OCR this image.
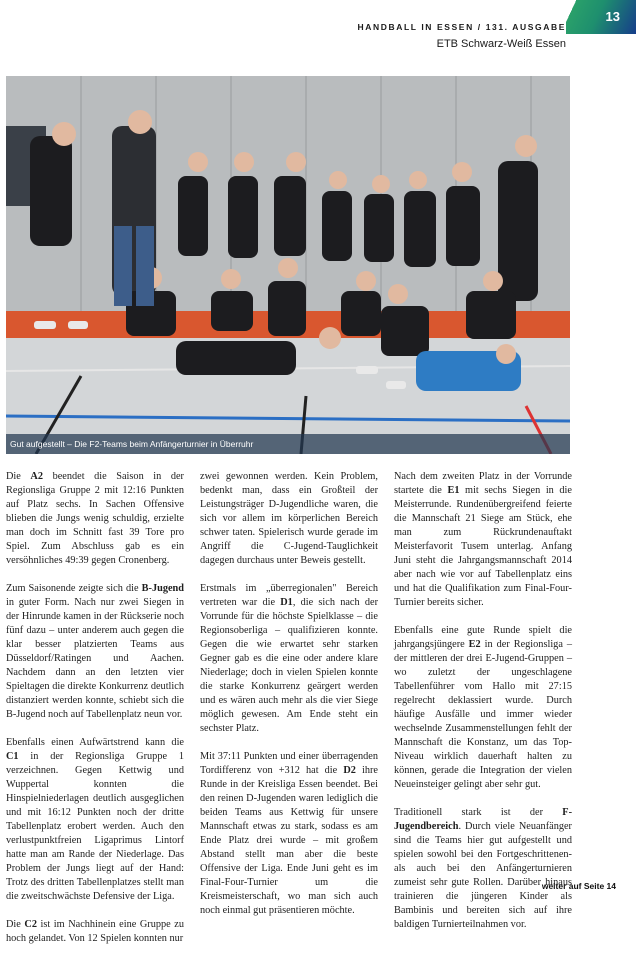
HANDBALL IN ESSEN / 131. AUSGABE
ETB Schwarz-Weiß Essen
13
Gut aufgestellt – Die F2-Teams beim Anfängerturnier in Überruhr

Die A2 beendet die Saison in der Regionsliga Gruppe 2 mit 12:16 Punkten auf Platz sechs. In Sachen Offensive blieben die Jungs wenig schuldig, erzielte man doch im Schnitt fast 39 Tore pro Spiel. Zum Abschluss gab es ein versöhnliches 49:39 gegen Cronenberg.

Zum Saisonende zeigte sich die B-Jugend in guter Form. Nach nur zwei Siegen in der Hinrunde kamen in der Rückserie noch fünf dazu – unter anderem auch gegen die klar besser platzierten Teams aus Düsseldorf/Ratingen und Aachen. Nachdem dann an den letzten vier Spieltagen die direkte Konkurrenz deutlich distanziert werden konnte, schiebt sich die B-Jugend noch auf Tabellenplatz neun vor.

Ebenfalls einen Aufwärtstrend kann die C1 in der Regionsliga Gruppe 1 verzeichnen. Gegen Kettwig und Wuppertal konnten die Hinspielniederlagen deutlich ausgeglichen und mit 16:12 Punkten noch der dritte Tabellenplatz erobert werden. Auch den verlustpunktfreien Ligaprimus Lintorf hatte man am Rande der Niederlage. Das Problem der Jungs liegt auf der Hand: Trotz des dritten Tabellenplatzes stellt man die zweitschwächste Defensive der Liga.

Die C2 ist im Nachhinein eine Gruppe zu hoch gelandet. Von 12 Spielen konnten nur

zwei gewonnen werden. Kein Problem, bedenkt man, dass ein Großteil der Leistungsträger D-Jugendliche waren, die sich vor allem im körperlichen Bereich schwer taten. Spielerisch wurde gerade im Angriff die C-Jugend-Tauglichkeit dagegen durchaus unter Beweis gestellt.

Erstmals im „überregionalen" Bereich vertreten war die D1, die sich nach der Vorrunde für die höchste Spielklasse – die Regionsoberliga – qualifizieren konnte. Gegen die wie erwartet sehr starken Gegner gab es die eine oder andere klare Niederlage; doch in vielen Spielen konnte die starke Konkurrenz geärgert werden und es wären auch mehr als die vier Siege möglich gewesen. Am Ende steht ein sechster Platz.

Mit 37:11 Punkten und einer überragenden Tordifferenz von +312 hat die D2 ihre Runde in der Kreisliga Essen beendet. Bei den reinen D-Jugenden waren lediglich die beiden Teams aus Kettwig für unsere Mannschaft etwas zu stark, sodass es am Ende Platz drei wurde – mit großem Abstand stellt man aber die beste Offensive der Liga. Ende Juni geht es im Final-Four-Turnier um die Kreismeisterschaft, wo man sich auch noch einmal gut präsentieren möchte.

Nach dem zweiten Platz in der Vorrunde startete die E1 mit sechs Siegen in die Meisterrunde. Rundenübergreifend feierte die Mannschaft 21 Siege am Stück, ehe man zum Rückrundenauftakt Meisterfavorit Tusem unterlag. Anfang Juni steht die Jahrgangsmannschaft 2014 aber nach wie vor auf Tabellenplatz eins und hat die Qualifikation zum Final-Four-Turnier bereits sicher.

Ebenfalls eine gute Runde spielt die jahrgangsjüngere E2 in der Regionsliga – der mittleren der drei E-Jugend-Gruppen – wo zuletzt der ungeschlagene Tabellenführer vom Hallo mit 27:15 regelrecht deklassiert wurde. Durch häufige Ausfälle und immer wieder wechselnde Zusammenstellungen fehlt der Mannschaft die Konstanz, um das Top-Niveau wirklich dauerhaft halten zu können, gerade die Integration der vielen Neueinsteiger gelingt aber sehr gut.

Traditionell stark ist der F-Jugendbereich. Durch viele Neuanfänger sind die Teams hier gut aufgestellt und spielen sowohl bei den Fortgeschrittenen- als auch bei den Anfängerturnieren zumeist sehr gute Rollen. Darüber hinaus trainieren die jüngeren Kinder als Bambinis und bereiten sich auf ihre baldigen Turnierteilnahmen vor.

weiter auf Seite 14
